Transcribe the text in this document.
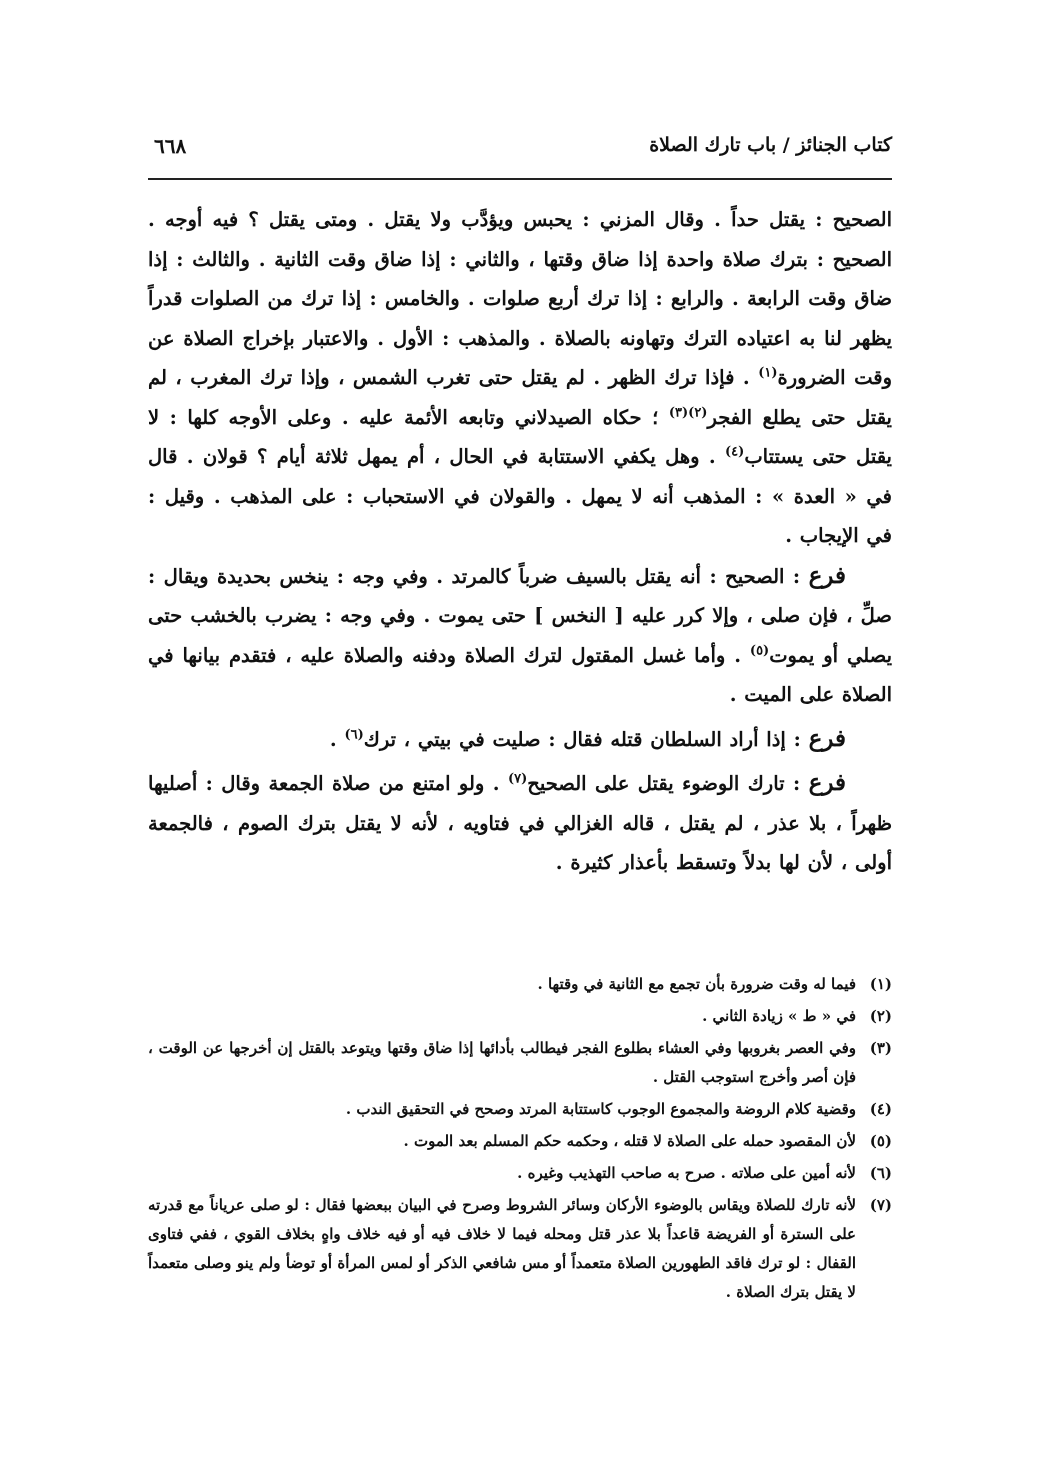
كتاب الجنائز / باب تارك الصلاة
٦٦٨

الصحيح : يقتل حداً . وقال المزني : يحبس ويؤدَّب ولا يقتل . ومتى يقتل ؟ فيه أوجه . الصحيح : بترك صلاة واحدة إذا ضاق وقتها ، والثاني : إذا ضاق وقت الثانية . والثالث : إذا ضاق وقت الرابعة . والرابع : إذا ترك أربع صلوات . والخامس : إذا ترك من الصلوات قدراً يظهر لنا به اعتياده الترك وتهاونه بالصلاة . والمذهب : الأول . والاعتبار بإخراج الصلاة عن وقت الضرورة$^{(١)}$ . فإذا ترك الظهر . لم يقتل حتى تغرب الشمس ، وإذا ترك المغرب ، لم يقتل حتى يطلع الفجر$^{(٢)(٣)}$ ؛ حكاه الصيدلاني وتابعه الأئمة عليه . وعلى الأوجه كلها : لا يقتل حتى يستتاب$^{(٤)}$ . وهل يكفي الاستتابة في الحال ، أم يمهل ثلاثة أيام ؟ قولان . قال في « العدة » : المذهب أنه لا يمهل . والقولان في الاستحباب : على المذهب . وقيل : في الإيجاب .

فرع : الصحيح : أنه يقتل بالسيف ضرباً كالمرتد . وفي وجه : ينخس بحديدة ويقال : صلِّ ، فإن صلى ، وإلا كرر عليه [ النخس ] حتى يموت . وفي وجه : يضرب بالخشب حتى يصلي أو يموت$^{(٥)}$ . وأما غسل المقتول لترك الصلاة ودفنه والصلاة عليه ، فتقدم بيانها في الصلاة على الميت .

فرع : إذا أراد السلطان قتله فقال : صليت في بيتي ، ترك$^{(٦)}$ .

فرع : تارك الوضوء يقتل على الصحيح$^{(٧)}$ . ولو امتنع من صلاة الجمعة وقال : أصليها ظهراً ، بلا عذر ، لم يقتل ، قاله الغزالي في فتاويه ، لأنه لا يقتل بترك الصوم ، فالجمعة أولى ، لأن لها بدلاً وتسقط بأعذار كثيرة .

(١)
فيما له وقت ضرورة بأن تجمع مع الثانية في وقتها .
(٢)
في « ط » زيادة الثاني .
(٣)
وفي العصر بغروبها وفي العشاء بطلوع الفجر فيطالب بأدائها إذا ضاق وقتها ويتوعد بالقتل إن أخرجها عن الوقت ، فإن أصر وأخرج استوجب القتل .
(٤)
وقضية كلام الروضة والمجموع الوجوب كاستتابة المرتد وصحح في التحقيق الندب .
(٥)
لأن المقصود حمله على الصلاة لا قتله ، وحكمه حكم المسلم بعد الموت .
(٦)
لأنه أمين على صلاته . صرح به صاحب التهذيب وغيره .
(٧)
لأنه تارك للصلاة ويقاس بالوضوء الأركان وسائر الشروط وصرح في البيان ببعضها فقال : لو صلى عرياناً مع قدرته على السترة أو الفريضة قاعداً بلا عذر قتل ومحله فيما لا خلاف فيه أو فيه خلاف واهٍ بخلاف القوي ، ففي فتاوى القفال : لو ترك فاقد الطهورين الصلاة متعمداً أو مس شافعي الذكر أو لمس المرأة أو توضأ ولم ينو وصلى متعمداً لا يقتل بترك الصلاة .
